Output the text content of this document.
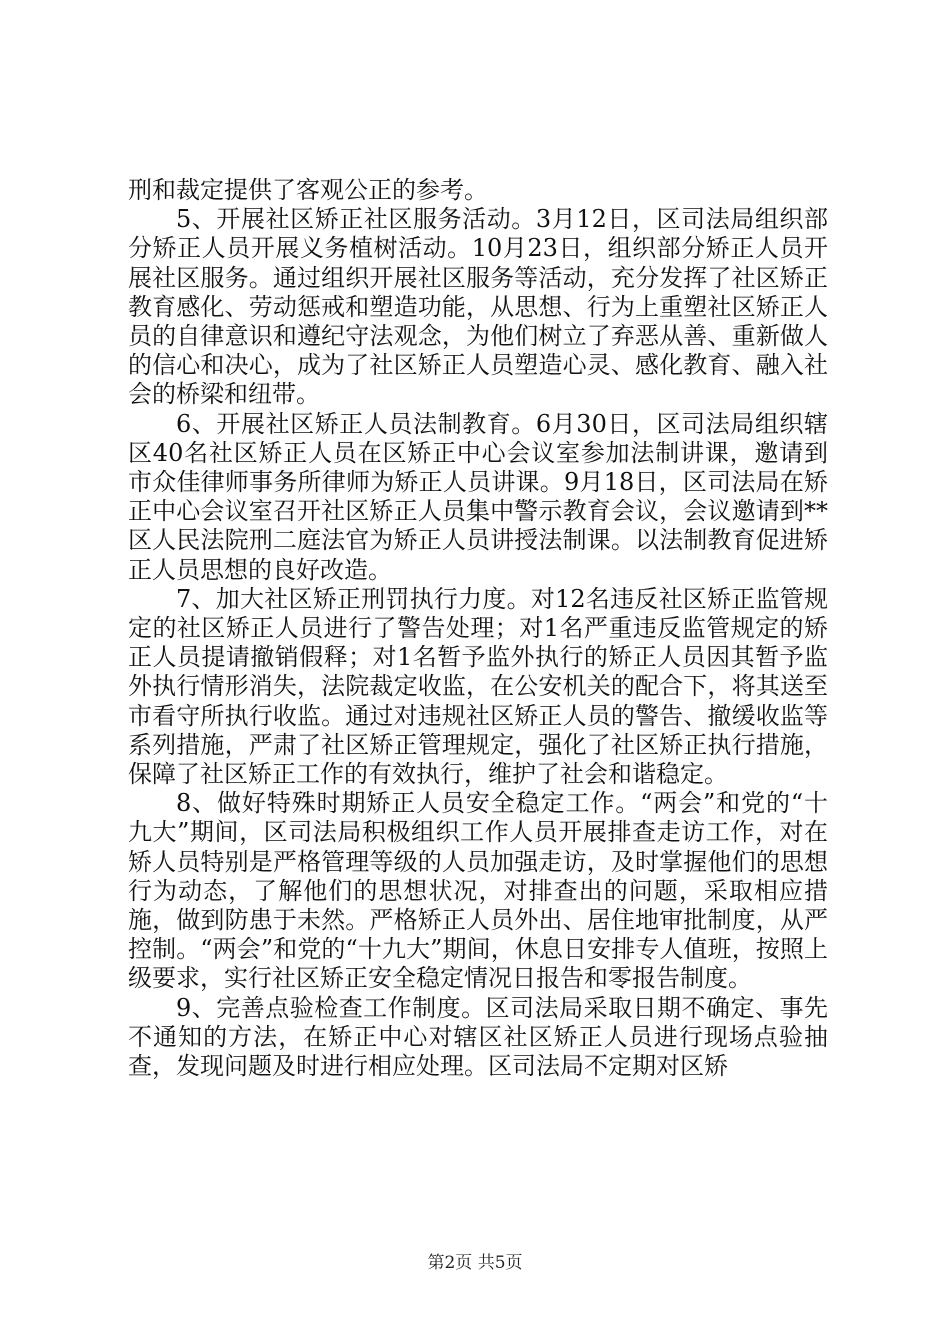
刑和裁定提供了客观公正的参考。

5、开展社区矫正社区服务活动。3月12日，区司法局组织部分矫正人员开展义务植树活动。10月23日，组织部分矫正人员开展社区服务。通过组织开展社区服务等活动，充分发挥了社区矫正教育感化、劳动惩戒和塑造功能，从思想、行为上重塑社区矫正人员的自律意识和遵纪守法观念，为他们树立了弃恶从善、重新做人的信心和决心，成为了社区矫正人员塑造心灵、感化教育、融入社会的桥梁和纽带。

6、开展社区矫正人员法制教育。6月30日，区司法局组织辖区40名社区矫正人员在区矫正中心会议室参加法制讲课，邀请到市众佳律师事务所律师为矫正人员讲课。9月18日，区司法局在矫正中心会议室召开社区矫正人员集中警示教育会议，会议邀请到**区人民法院刑二庭法官为矫正人员讲授法制课。以法制教育促进矫正人员思想的良好改造。

7、加大社区矫正刑罚执行力度。对12名违反社区矫正监管规定的社区矫正人员进行了警告处理；对1名严重违反监管规定的矫正人员提请撤销假释；对1名暂予监外执行的矫正人员因其暂予监外执行情形消失，法院裁定收监，在公安机关的配合下，将其送至市看守所执行收监。通过对违规社区矫正人员的警告、撤缓收监等系列措施，严肃了社区矫正管理规定，强化了社区矫正执行措施，保障了社区矫正工作的有效执行，维护了社会和谐稳定。

8、做好特殊时期矫正人员安全稳定工作。“两会”和党的“十九大”期间，区司法局积极组织工作人员开展排查走访工作，对在矫人员特别是严格管理等级的人员加强走访，及时掌握他们的思想行为动态，了解他们的思想状况，对排查出的问题，采取相应措施，做到防患于未然。严格矫正人员外出、居住地审批制度，从严控制。“两会”和党的“十九大”期间，休息日安排专人值班，按照上级要求，实行社区矫正安全稳定情况日报告和零报告制度。

9、完善点验检查工作制度。区司法局采取日期不确定、事先不通知的方法，在矫正中心对辖区社区矫正人员进行现场点验抽查，发现问题及时进行相应处理。区司法局不定期对区矫

第2页 共5页
